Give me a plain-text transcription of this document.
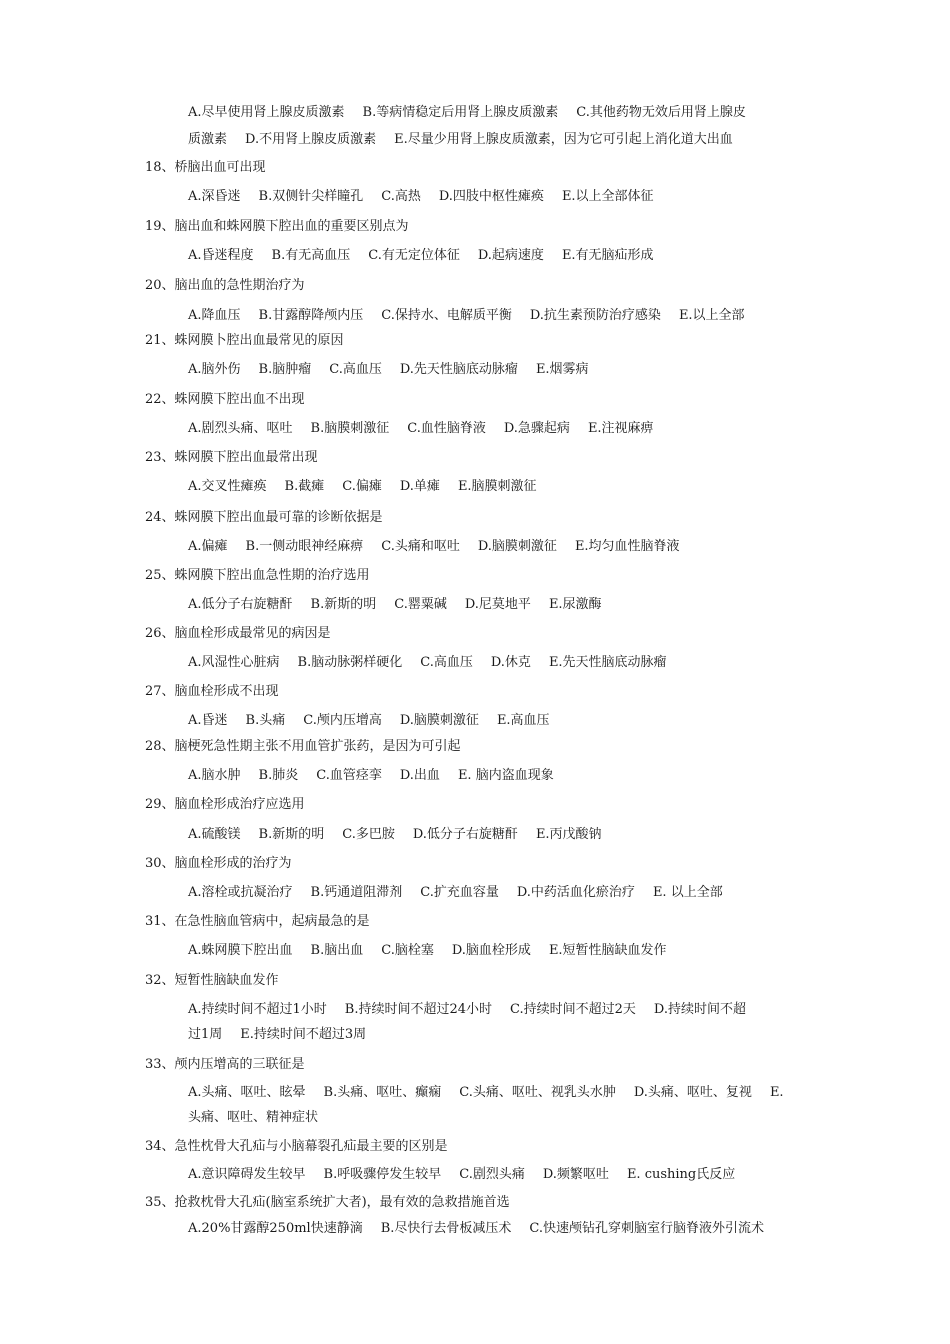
A.尽早使用肾上腺皮质激素 B.等病情稳定后用肾上腺皮质激素 C.其他药物无效后用肾上腺皮
质激素 D.不用肾上腺皮质激素 E.尽量少用肾上腺皮质激素，因为它可引起上消化道大出血
18、桥脑出血可出现
A.深昏迷 B.双侧针尖样瞳孔 C.高热 D.四肢中枢性瘫痪 E.以上全部体征
19、脑出血和蛛网膜下腔出血的重要区别点为
A.昏迷程度 B.有无高血压 C.有无定位体征 D.起病速度 E.有无脑疝形成
20、脑出血的急性期治疗为
A.降血压 B.甘露醇降颅内压 C.保持水、电解质平衡 D.抗生素预防治疗感染 E.以上全部
21、蛛网膜卜腔出血最常见的原因
A.脑外伤 B.脑肿瘤 C.高血压 D.先天性脑底动脉瘤 E.烟雾病
22、蛛网膜下腔出血不出现
A.剧烈头痛、呕吐 B.脑膜刺激征 C.血性脑脊液 D.急骤起病 E.注视麻痹
23、蛛网膜下腔出血最常出现
A.交叉性瘫痪 B.截瘫 C.偏瘫 D.单瘫 E.脑膜刺激征
24、蛛网膜下腔出血最可靠的诊断依据是
A.偏瘫 B.一侧动眼神经麻痹 C.头痛和呕吐 D.脑膜刺激征 E.均匀血性脑脊液
25、蛛网膜下腔出血急性期的治疗选用
A.低分子右旋糖酐 B.新斯的明 C.罂粟碱 D.尼莫地平 E.尿激酶
26、脑血栓形成最常见的病因是
A.风湿性心脏病 B.脑动脉粥样硬化 C.高血压 D.休克 E.先天性脑底动脉瘤
27、脑血栓形成不出现
A.昏迷 B.头痛 C.颅内压增高 D.脑膜刺激征 E.高血压
28、脑梗死急性期主张不用血管扩张药，是因为可引起
A.脑水肿 B.肺炎 C.血管痉挛 D.出血 E. 脑内盗血现象
29、脑血栓形成治疗应选用
A.硫酸镁 B.新斯的明 C.多巴胺 D.低分子右旋糖酐 E.丙戊酸钠
30、脑血栓形成的治疗为
A.溶栓或抗凝治疗 B.钙通道阻滞剂 C.扩充血容量 D.中药活血化瘀治疗 E. 以上全部
31、在急性脑血管病中，起病最急的是
A.蛛网膜下腔出血 B.脑出血 C.脑栓塞 D.脑血栓形成 E.短暂性脑缺血发作
32、短暂性脑缺血发作
A.持续时间不超过1小时 B.持续时间不超过24小时 C.持续时间不超过2天 D.持续时间不超
过1周 E.持续时间不超过3周
33、颅内压增高的三联征是
A.头痛、呕吐、眩晕 B.头痛、呕吐、癫痫 C.头痛、呕吐、视乳头水肿 D.头痛、呕吐、复视 E.
头痛、呕吐、精神症状
34、急性枕骨大孔疝与小脑幕裂孔疝最主要的区别是
A.意识障碍发生较早 B.呼吸骤停发生较早 C.剧烈头痛 D.频繁呕吐 E. cushing氏反应
35、抢救枕骨大孔疝(脑室系统扩大者)，最有效的急救措施首选
A.20%甘露醇250ml快速静滴 B.尽快行去骨板减压术 C.快速颅钻孔穿刺脑室行脑脊液外引流术
